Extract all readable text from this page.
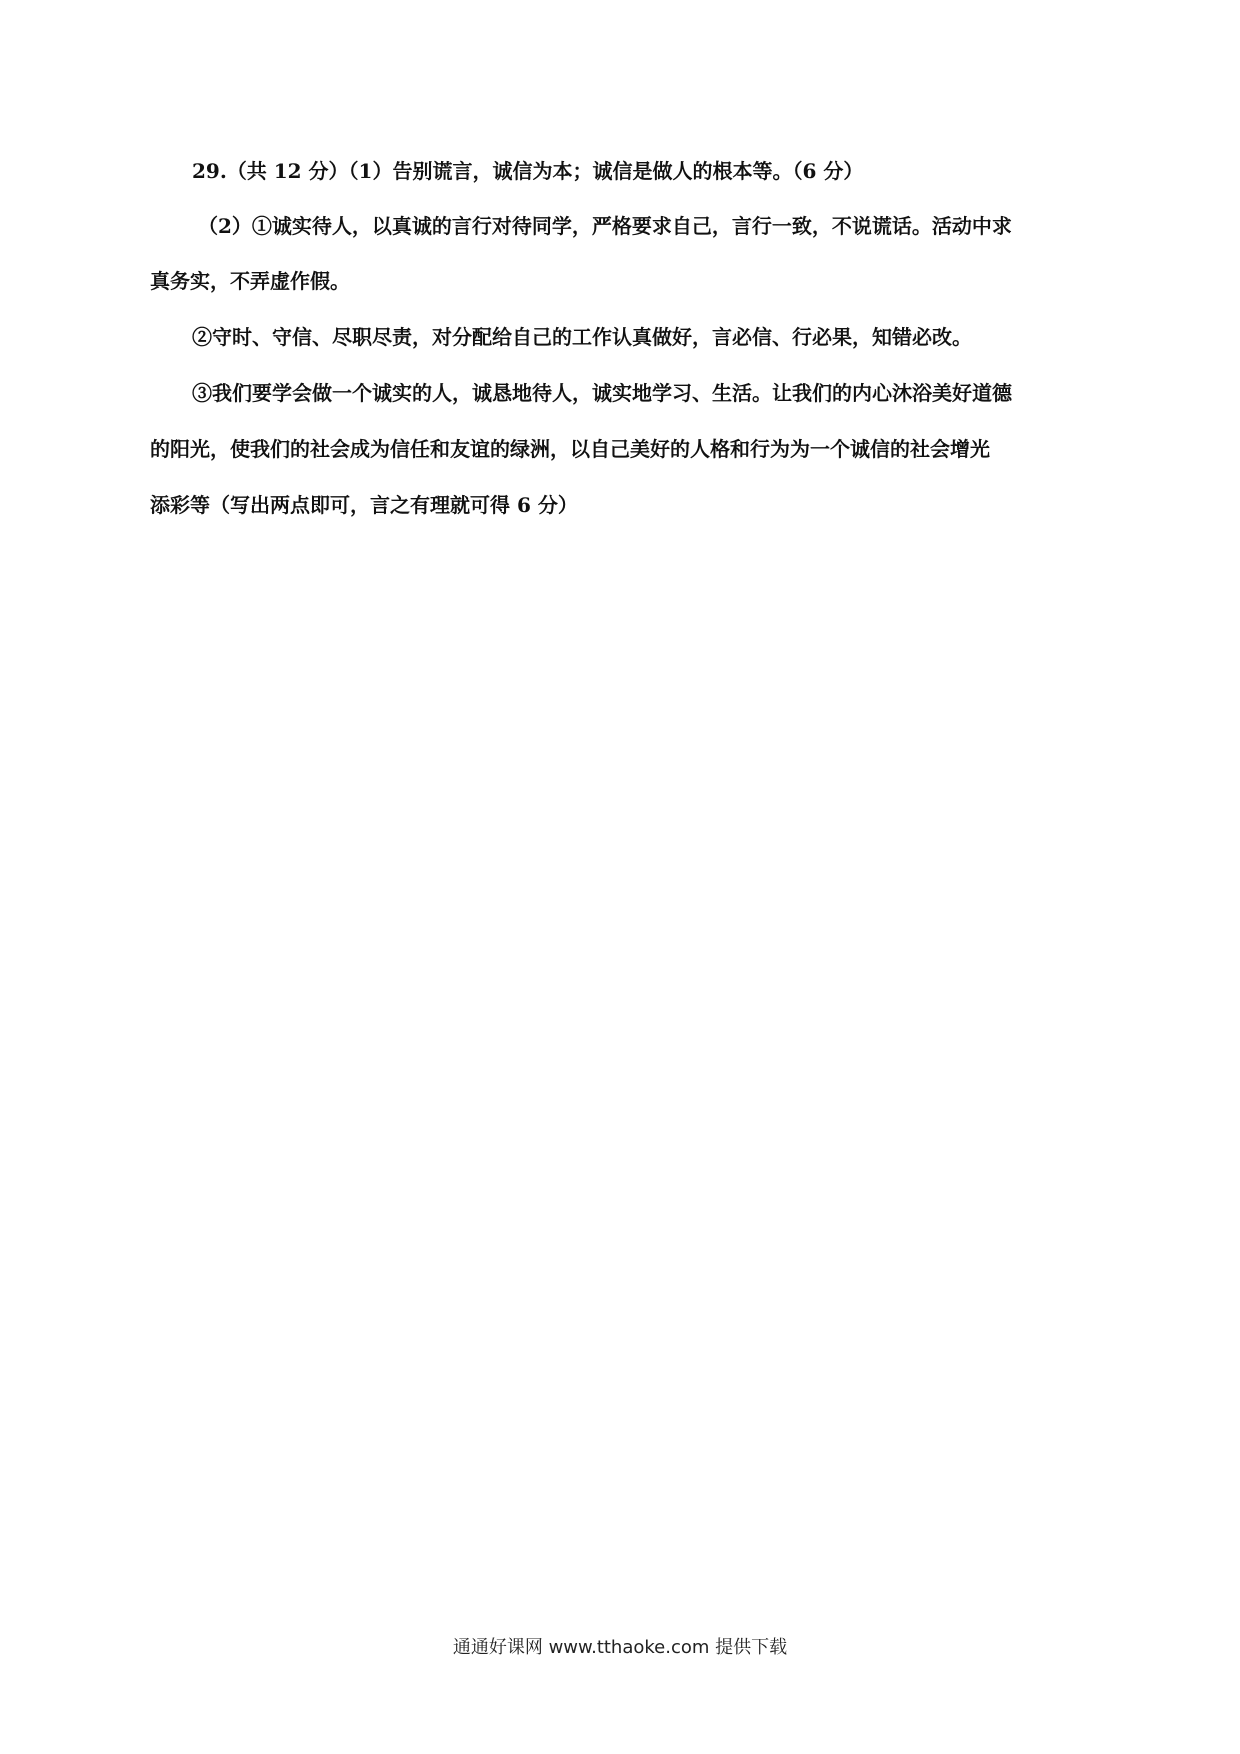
29.（共 12 分）（1）告别谎言，诚信为本；诚信是做人的根本等。（6 分）

（2）①诚实待人，以真诚的言行对待同学，严格要求自己，言行一致，不说谎话。活动中求

真务实，不弄虚作假。

②守时、守信、尽职尽责，对分配给自己的工作认真做好，言必信、行必果，知错必改。

③我们要学会做一个诚实的人，诚恳地待人，诚实地学习、生活。让我们的内心沐浴美好道德

的阳光，使我们的社会成为信任和友谊的绿洲，以自己美好的人格和行为为一个诚信的社会增光

添彩等（写出两点即可，言之有理就可得 6 分）

通通好课网 www.tthaoke.com 提供下载
